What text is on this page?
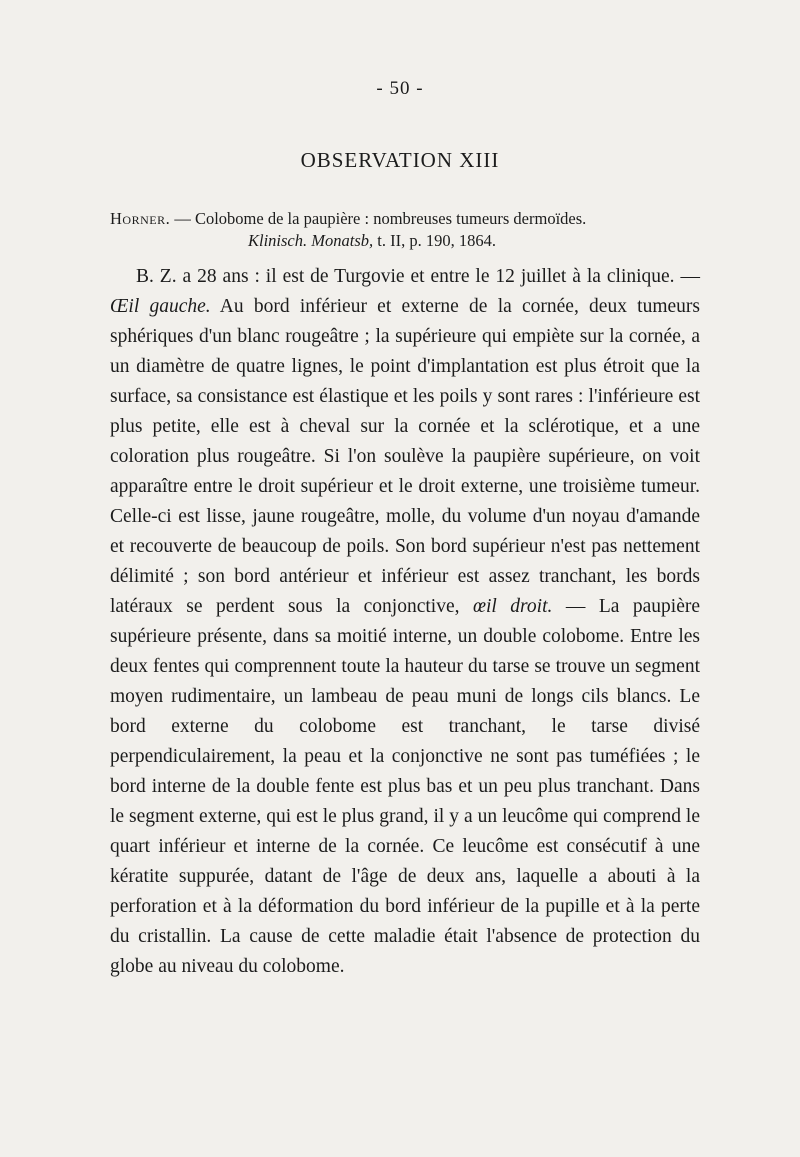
- 50 -
OBSERVATION XIII
Horner. — Colobome de la paupière : nombreuses tumeurs dermoïdes.
Klinisch. Monatsb, t. II, p. 190, 1864.

B. Z. a 28 ans : il est de Turgovie et entre le 12 juillet à la clinique. —Œil gauche. Au bord inférieur et externe de la cornée, deux tumeurs sphériques d'un blanc rougeâtre ; la supérieure qui empiète sur la cornée, a un diamètre de quatre lignes, le point d'implantation est plus étroit que la surface, sa consistance est élastique et les poils y sont rares : l'inférieure est plus petite, elle est à cheval sur la cornée et la sclérotique, et a une coloration plus rougeâtre. Si l'on soulève la paupière supérieure, on voit apparaître entre le droit supérieur et le droit externe, une troisième tumeur. Celle-ci est lisse, jaune rougeâtre, molle, du volume d'un noyau d'amande et recouverte de beaucoup de poils. Son bord supérieur n'est pas nettement délimité ; son bord antérieur et inférieur est assez tranchant, les bords latéraux se perdent sous la conjonctive, œil droit. — La paupière supérieure présente, dans sa moitié interne, un double colobome. Entre les deux fentes qui comprennent toute la hauteur du tarse se trouve un segment moyen rudimentaire, un lambeau de peau muni de longs cils blancs. Le bord externe du colobome est tranchant, le tarse divisé perpendiculairement, la peau et la conjonctive ne sont pas tuméfiées ; le bord interne de la double fente est plus bas et un peu plus tranchant. Dans le segment externe, qui est le plus grand, il y a un leucôme qui comprend le quart inférieur et interne de la cornée. Ce leucôme est consécutif à une kératite suppurée, datant de l'âge de deux ans, laquelle a abouti à la perforation et à la déformation du bord inférieur de la pupille et à la perte du cristallin. La cause de cette maladie était l'absence de protection du globe au niveau du colobome.
